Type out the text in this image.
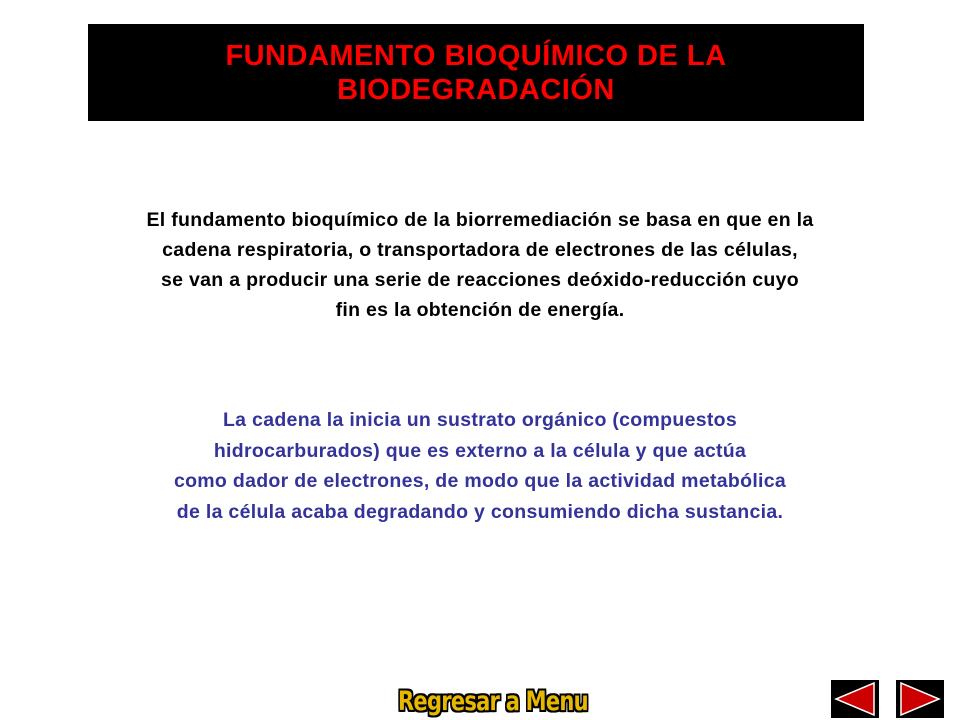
FUNDAMENTO BIOQUÍMICO DE LA
BIODEGRADACIÓN
El fundamento bioquímico de la biorremediación se basa en que en la
cadena respiratoria, o transportadora de electrones de las células,
se van a producir una serie de reacciones deóxido-reducción cuyo
fin es la obtención de energía.
La cadena la inicia un sustrato orgánico (compuestos
hidrocarburados) que es externo a la célula y que actúa
como dador de electrones, de modo que la actividad metabólica
de la célula acaba degradando y consumiendo dicha sustancia.
Regresar a Menu
